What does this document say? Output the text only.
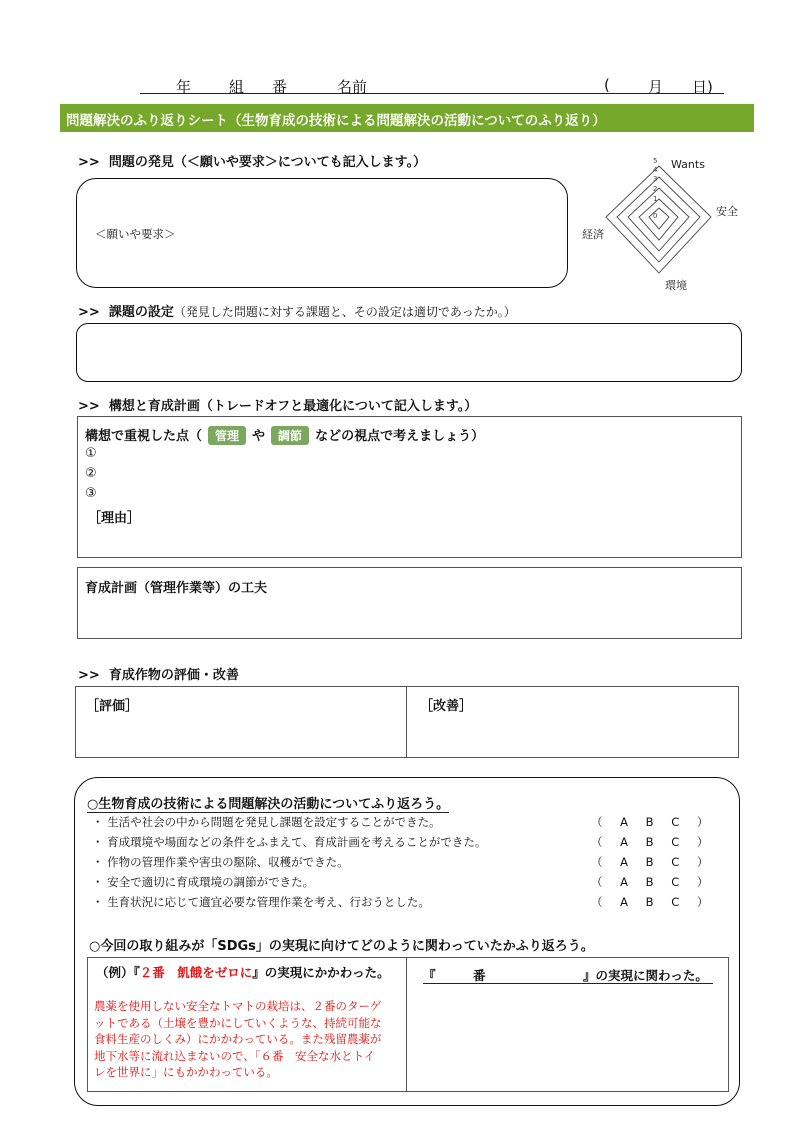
年	組 番	名前	(	月 日)
問題解決のふり返りシート（生物育成の技術による問題解決の活動についてのふり返り）
>> 問題の発見（＜願いや要求＞についても記入します。）
＜願いや要求＞
5
4
3
2
1
0
Wants
安全
環境
経済
>> 課題の設定（発見した問題に対する課題と、その設定は適切であったか。）
>> 構想と育成計画（トレードオフと最適化について記入します。）
構想で重視した点（ 管理 や 調節 などの視点で考えましょう）
①
②
③
［理由］
育成計画（管理作業等）の工夫
>> 育成作物の評価・改善
［評価］	［改善］
○生物育成の技術による問題解決の活動についてふり返ろう。
・ 生活や社会の中から問題を発見し課題を設定することができた。	（ A B C ）
・ 育成環境や場面などの条件をふまえて、育成計画を考えることができた。	（ A B C ）
・ 作物の管理作業や害虫の駆除、収穫ができた。	（ A B C ）
・ 安全で適切に育成環境の調節ができた。	（ A B C ）
・ 生育状況に応じて適宜必要な管理作業を考え、行おうとした。	（ A B C ）
○今回の取り組みが「SDGs」の実現に向けてどのように関わっていたかふり返ろう。
（例）『２番　飢餓をゼロに』の実現にかかわった。
農薬を使用しない安全なトマトの栽培は、２番のターゲ
ットである（土壌を豊かにしていくような、持続可能な
食料生産のしくみ）にかかわっている。また残留農薬が
地下水等に流れ込まないので、「６番　安全な水とトイ
レを世界に」にもかかわっている。
『	番	』の実現に関わった。
